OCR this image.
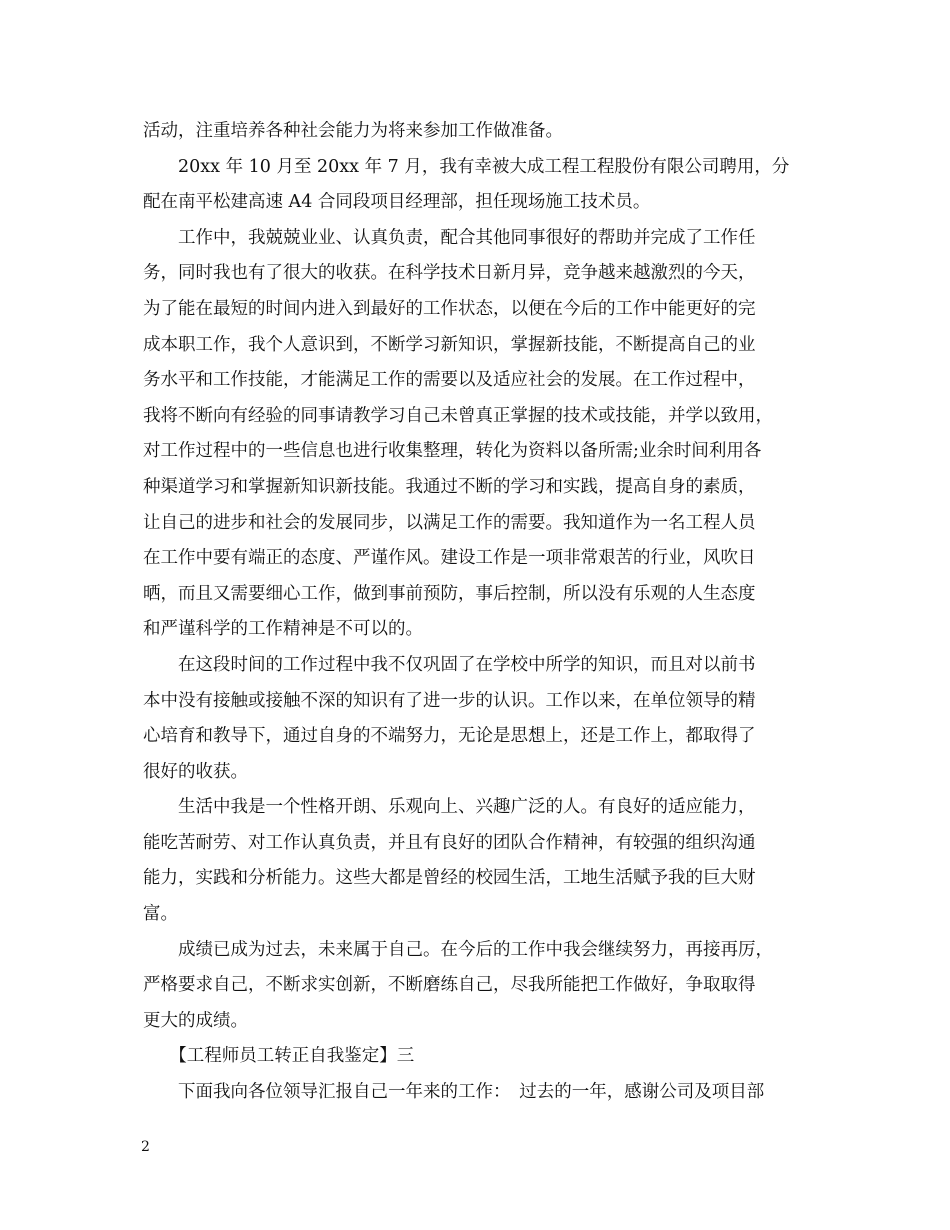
活动，注重培养各种社会能力为将来参加工作做准备。
　　20xx 年 10 月至 20xx 年 7 月，我有幸被大成工程工程股份有限公司聘用，分
配在南平松建高速 A4 合同段项目经理部，担任现场施工技术员。
　　工作中，我兢兢业业、认真负责，配合其他同事很好的帮助并完成了工作任
务，同时我也有了很大的收获。在科学技术日新月异，竞争越来越激烈的今天，
为了能在最短的时间内进入到最好的工作状态，以便在今后的工作中能更好的完
成本职工作，我个人意识到，不断学习新知识，掌握新技能，不断提高自己的业
务水平和工作技能，才能满足工作的需要以及适应社会的发展。在工作过程中，
我将不断向有经验的同事请教学习自己未曾真正掌握的技术或技能，并学以致用，
对工作过程中的一些信息也进行收集整理，转化为资料以备所需;业余时间利用各
种渠道学习和掌握新知识新技能。我通过不断的学习和实践，提高自身的素质，
让自己的进步和社会的发展同步，以满足工作的需要。我知道作为一名工程人员
在工作中要有端正的态度、严谨作风。建设工作是一项非常艰苦的行业，风吹日
晒，而且又需要细心工作，做到事前预防，事后控制，所以没有乐观的人生态度
和严谨科学的工作精神是不可以的。
　　在这段时间的工作过程中我不仅巩固了在学校中所学的知识，而且对以前书
本中没有接触或接触不深的知识有了进一步的认识。工作以来，在单位领导的精
心培育和教导下，通过自身的不端努力，无论是思想上，还是工作上，都取得了
很好的收获。
　　生活中我是一个性格开朗、乐观向上、兴趣广泛的人。有良好的适应能力，
能吃苦耐劳、对工作认真负责，并且有良好的团队合作精神，有较强的组织沟通
能力，实践和分析能力。这些大都是曾经的校园生活，工地生活赋予我的巨大财
富。
　　成绩已成为过去，未来属于自己。在今后的工作中我会继续努力，再接再厉，
严格要求自己，不断求实创新，不断磨练自己，尽我所能把工作做好，争取取得
更大的成绩。
　　【工程师员工转正自我鉴定】三
　　下面我向各位领导汇报自己一年来的工作：　过去的一年，感谢公司及项目部
2
